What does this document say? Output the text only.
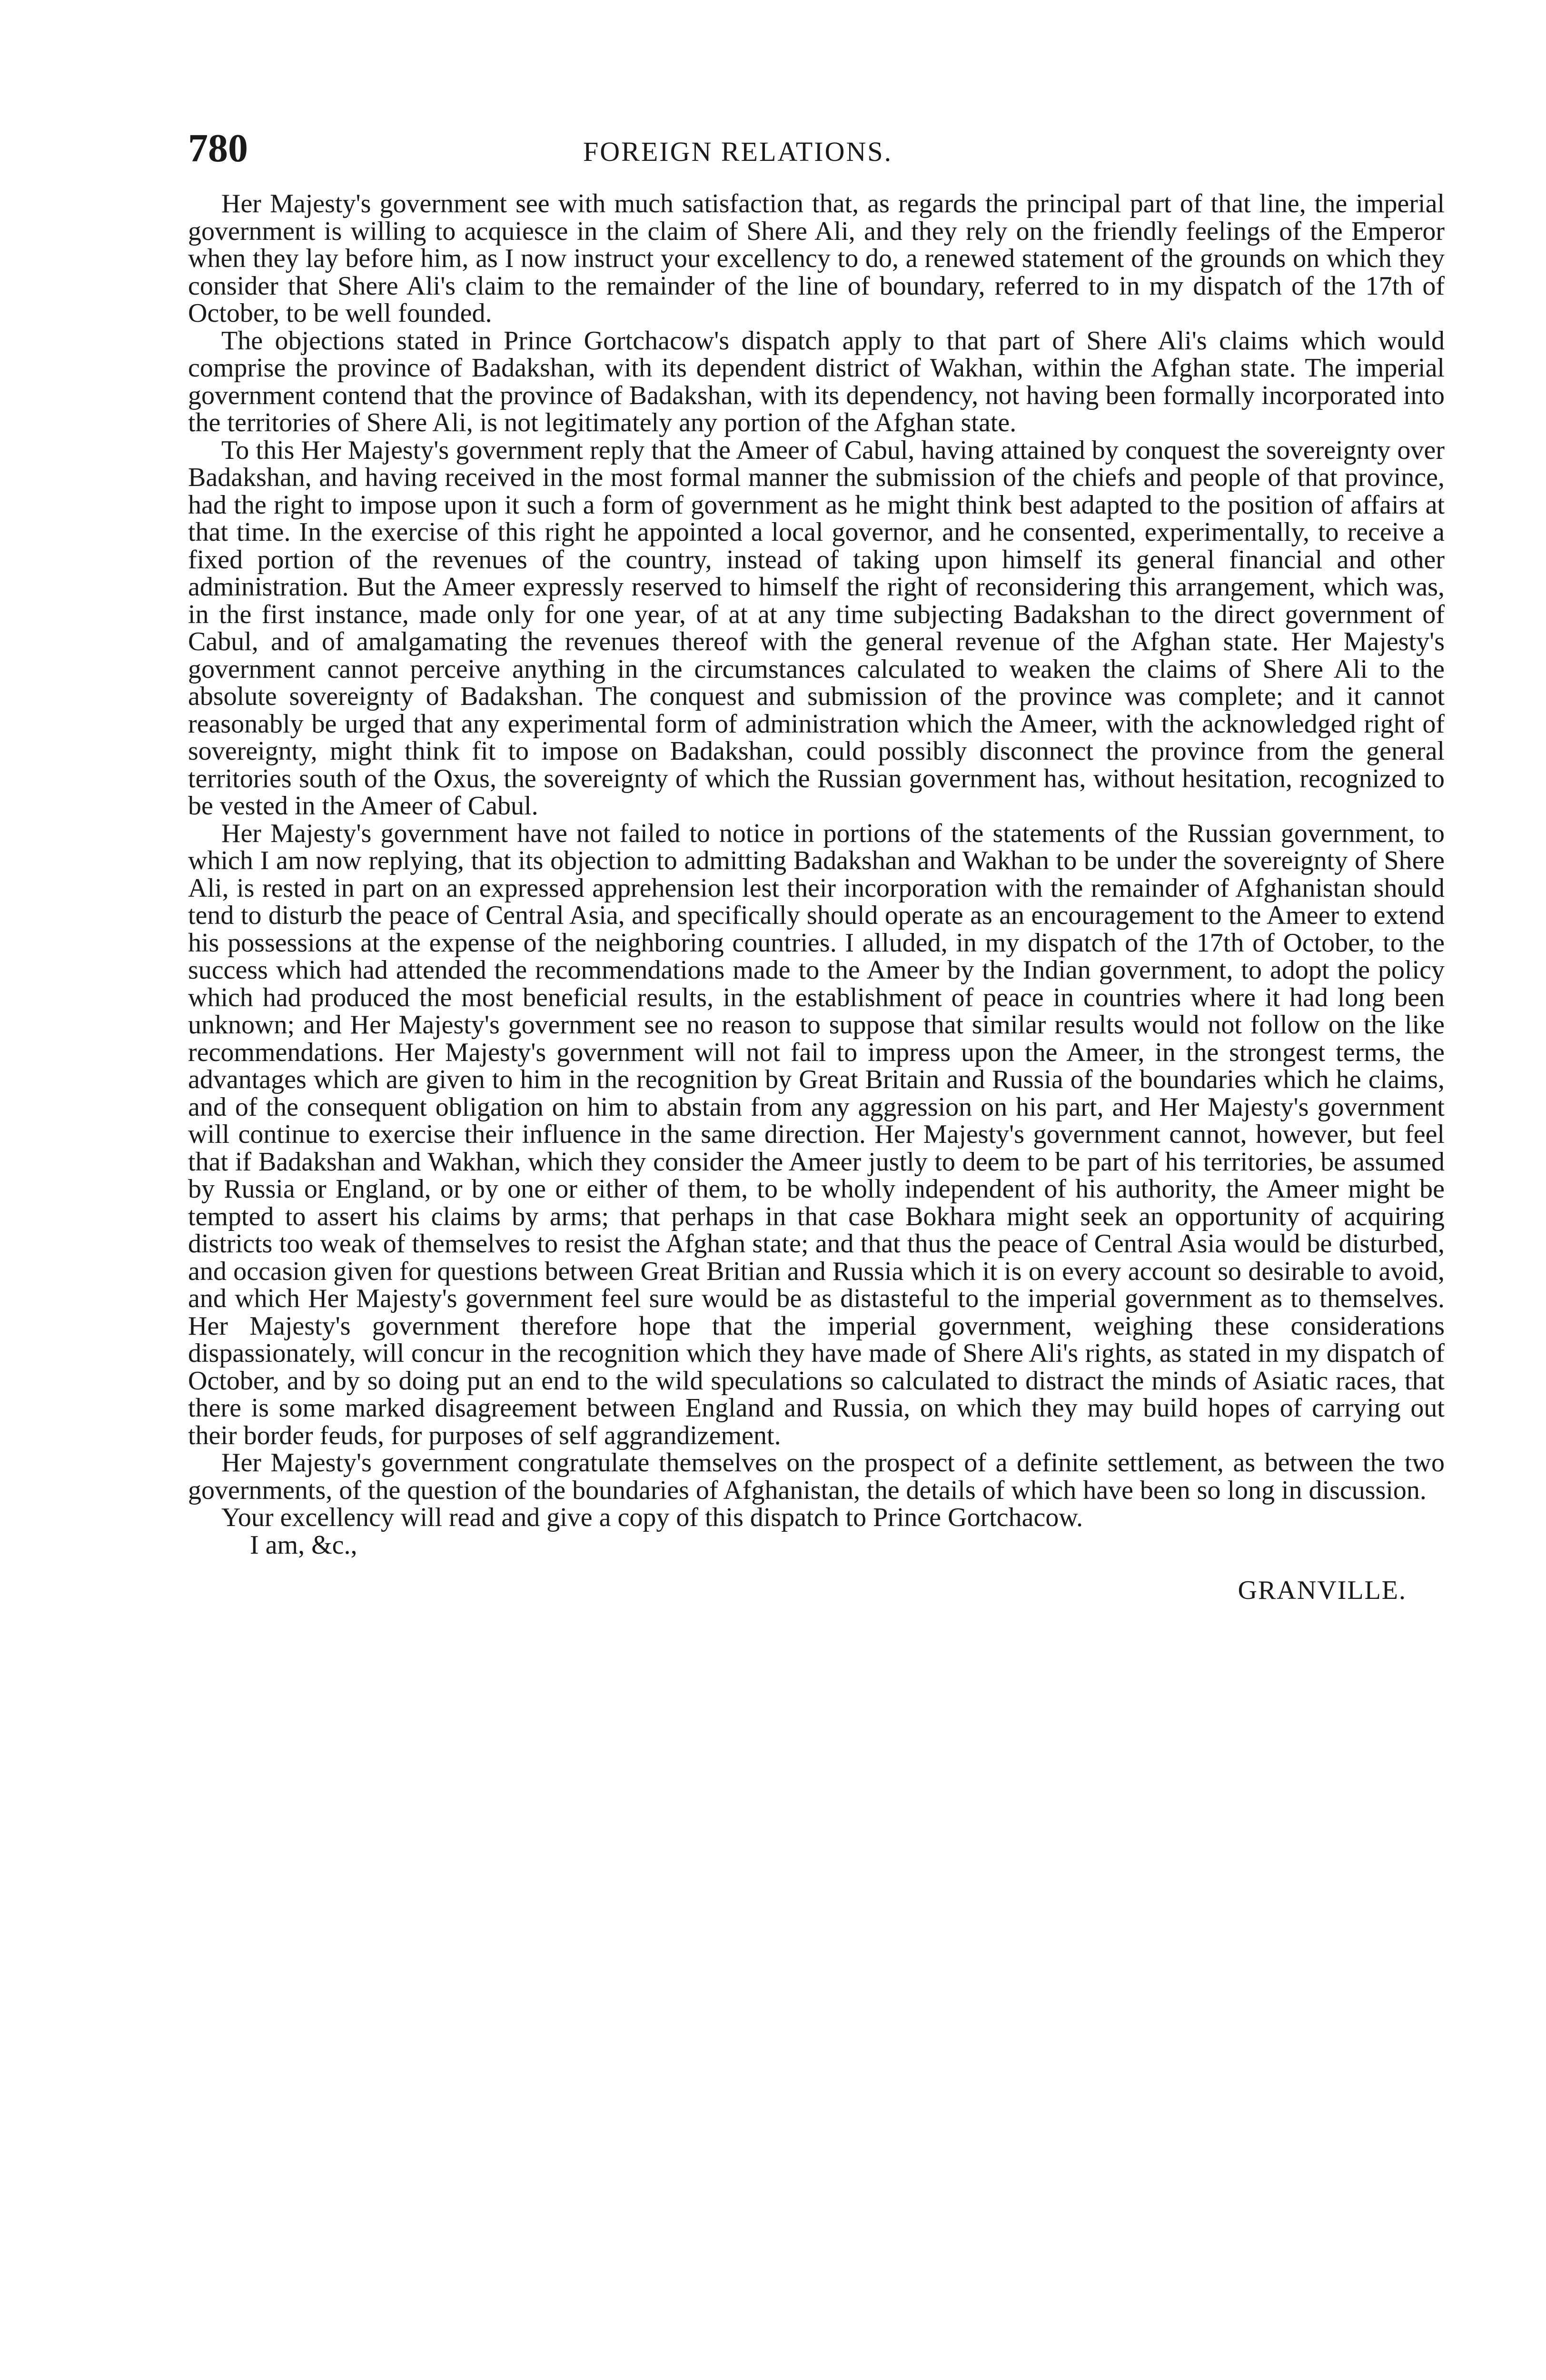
780	FOREIGN RELATIONS.

Her Majesty's government see with much satisfaction that, as regards the principal part of that line, the imperial government is willing to acquiesce in the claim of Shere Ali, and they rely on the friendly feelings of the Emperor when they lay before him, as I now instruct your excellency to do, a renewed statement of the grounds on which they consider that Shere Ali's claim to the remainder of the line of boundary, referred to in my dispatch of the 17th of October, to be well founded.

The objections stated in Prince Gortchacow's dispatch apply to that part of Shere Ali's claims which would comprise the province of Badakshan, with its dependent district of Wakhan, within the Afghan state. The imperial government contend that the province of Badakshan, with its dependency, not having been formally incorporated into the territories of Shere Ali, is not legitimately any portion of the Afghan state.

To this Her Majesty's government reply that the Ameer of Cabul, having attained by conquest the sovereignty over Badakshan, and having received in the most formal manner the submission of the chiefs and people of that province, had the right to impose upon it such a form of government as he might think best adapted to the position of affairs at that time. In the exercise of this right he appointed a local governor, and he consented, experimentally, to receive a fixed portion of the revenues of the country, instead of taking upon himself its general financial and other administration. But the Ameer expressly reserved to himself the right of reconsidering this arrangement, which was, in the first instance, made only for one year, of at at any time subjecting Badakshan to the direct government of Cabul, and of amalgamating the revenues thereof with the general revenue of the Afghan state. Her Majesty's government cannot perceive anything in the circumstances calculated to weaken the claims of Shere Ali to the absolute sovereignty of Badakshan. The conquest and submission of the province was complete; and it cannot reasonably be urged that any experimental form of administration which the Ameer, with the acknowledged right of sovereignty, might think fit to impose on Badakshan, could possibly disconnect the province from the general territories south of the Oxus, the sovereignty of which the Russian government has, without hesitation, recognized to be vested in the Ameer of Cabul.

Her Majesty's government have not failed to notice in portions of the statements of the Russian government, to which I am now replying, that its objection to admitting Badakshan and Wakhan to be under the sovereignty of Shere Ali, is rested in part on an expressed apprehension lest their incorporation with the remainder of Afghanistan should tend to disturb the peace of Central Asia, and specifically should operate as an encouragement to the Ameer to extend his possessions at the expense of the neighboring countries. I alluded, in my dispatch of the 17th of October, to the success which had attended the recommendations made to the Ameer by the Indian government, to adopt the policy which had produced the most beneficial results, in the establishment of peace in countries where it had long been unknown; and Her Majesty's government see no reason to suppose that similar results would not follow on the like recommendations. Her Majesty's government will not fail to impress upon the Ameer, in the strongest terms, the advantages which are given to him in the recognition by Great Britain and Russia of the boundaries which he claims, and of the consequent obligation on him to abstain from any aggression on his part, and Her Majesty's government will continue to exercise their influence in the same direction. Her Majesty's government cannot, however, but feel that if Badakshan and Wakhan, which they consider the Ameer justly to deem to be part of his territories, be assumed by Russia or England, or by one or either of them, to be wholly independent of his authority, the Ameer might be tempted to assert his claims by arms; that perhaps in that case Bokhara might seek an opportunity of acquiring districts too weak of themselves to resist the Afghan state; and that thus the peace of Central Asia would be disturbed, and occasion given for questions between Great Britian and Russia which it is on every account so desirable to avoid, and which Her Majesty's government feel sure would be as distasteful to the imperial government as to themselves. Her Majesty's government therefore hope that the imperial government, weighing these considerations dispassionately, will concur in the recognition which they have made of Shere Ali's rights, as stated in my dispatch of October, and by so doing put an end to the wild speculations so calculated to distract the minds of Asiatic races, that there is some marked disagreement between England and Russia, on which they may build hopes of carrying out their border feuds, for purposes of self aggrandizement.

Her Majesty's government congratulate themselves on the prospect of a definite settlement, as between the two governments, of the question of the boundaries of Afghanistan, the details of which have been so long in discussion.

Your excellency will read and give a copy of this dispatch to Prince Gortchacow.
I am, &c.,
GRANVILLE.
